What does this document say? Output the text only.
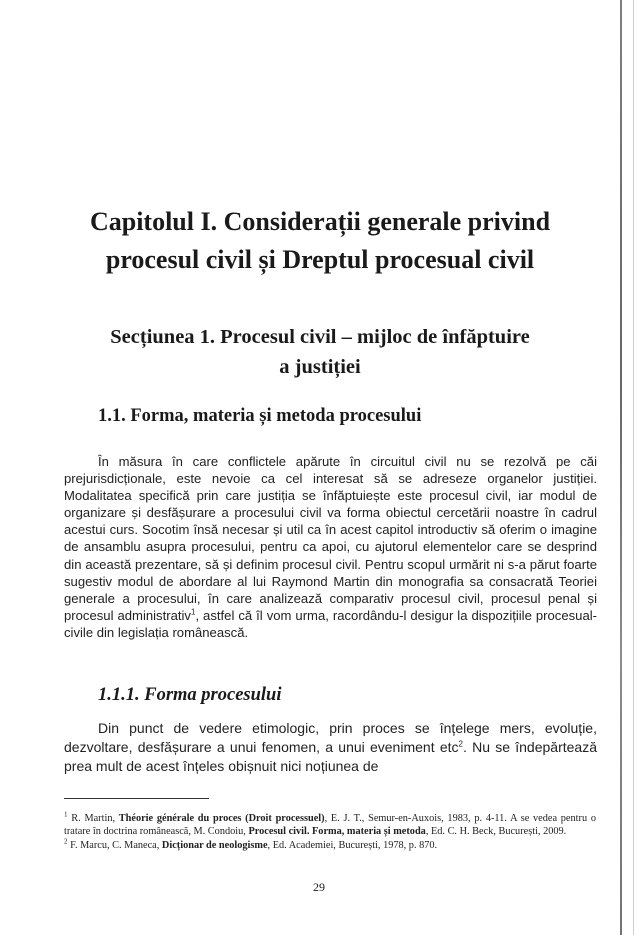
Capitolul I. Considerații generale privind
procesul civil și Dreptul procesual civil
Secțiunea 1. Procesul civil – mijloc de înfăptuire
a justiției
1.1. Forma, materia și metoda procesului

În măsura în care conflictele apărute în circuitul civil nu se rezolvă pe căi prejurisdicționale, este nevoie ca cel interesat să se adreseze organelor justiției. Modalitatea specifică prin care justiția se înfăptuiește este procesul civil, iar modul de organizare și desfășurare a procesului civil va forma obiectul cercetării noastre în cadrul acestui curs. Socotim însă necesar și util ca în acest capitol introductiv să oferim o imagine de ansamblu asupra procesului, pentru ca apoi, cu ajutorul elementelor care se desprind din această prezentare, să și definim procesul civil. Pentru scopul urmărit ni s-a părut foarte sugestiv modul de abordare al lui Raymond Martin din monografia sa consacrată Teoriei generale a procesului, în care analizează comparativ procesul civil, procesul penal și procesul administrativ$^1$, astfel că îl vom urma, racordându-l desigur la dispozițiile procesual-civile din legislația românească.

1.1.1. Forma procesului

Din punct de vedere etimologic, prin proces se înțelege mers, evoluție, dezvoltare, desfășurare a unui fenomen, a unui eveniment etc$^2$. Nu se îndepărtează prea mult de acest înțeles obișnuit nici noțiunea de

$^1$ R. Martin, Théorie générale du proces (Droit processuel), E. J. T., Semur-en-Auxois, 1983, p. 4-11. A se vedea pentru o tratare în doctrina românească, M. Condoiu, Procesul civil. Forma, materia și metoda, Ed. C. H. Beck, București, 2009.

$^2$ F. Marcu, C. Maneca, Dicționar de neologisme, Ed. Academiei, București, 1978, p. 870.

29
